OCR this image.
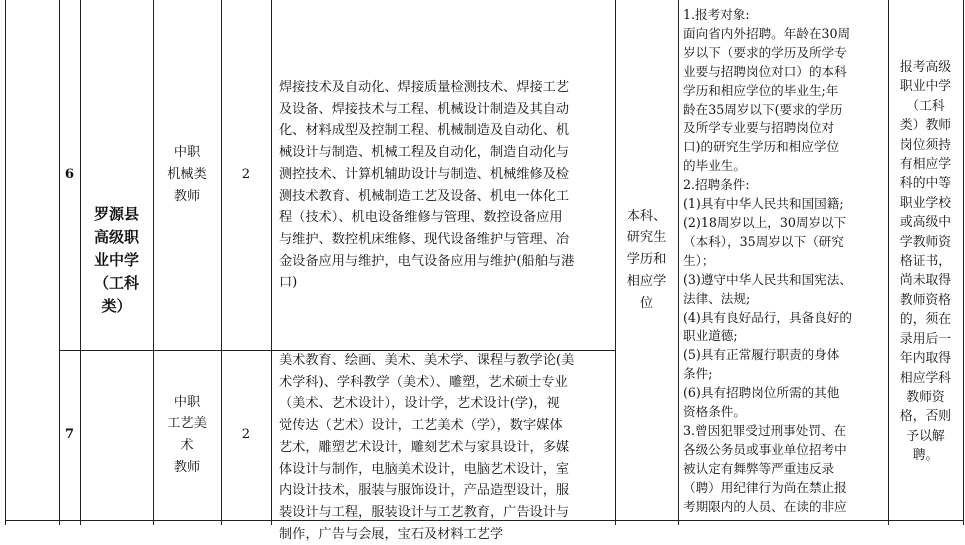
6
中职
机械类
教师
2
焊接技术及自动化、焊接质量检测技术、焊接工艺
及设备、焊接技术与工程、机械设计制造及其自动
化、材料成型及控制工程、机械制造及自动化、机
械设计与制造、机械工程及自动化，制造自动化与
测控技术、计算机辅助设计与制造、机械维修及检
测技术教育、机械制造工艺及设备、机电一体化工
程（技术）、机电设备维修与管理、数控设备应用
与维护、数控机床维修、现代设备维护与管理、冶
金设备应用与维护，电气设备应用与维护(船舶与港
口)
7
中职
工艺美
术
教师
2
美术教育、绘画、美术、美术学、课程与教学论(美
术学科)、学科教学（美术）、雕塑，艺术硕士专业
（美术、艺术设计），设计学，艺术设计(学)，视
觉传达（艺术）设计，工艺美术（学），数字媒体
艺术，雕塑艺术设计，雕刻艺术与家具设计，多媒
体设计与制作，电脑美术设计，电脑艺术设计，室
内设计技术，服装与服饰设计，产品造型设计，服
装设计与工程，服装设计与工艺教育，广告设计与
制作，广告与会展，宝石及材料工艺学
罗源县
高级职
业中学
（工科
类）
本科、
研究生
学历和
相应学
位
1.报考对象:
面向省内外招聘。年龄在30周
岁以下（要求的学历及所学专
业要与招聘岗位对口）的本科
学历和相应学位的毕业生;年
龄在35周岁以下(要求的学历
及所学专业要与招聘岗位对
口)的研究生学历和相应学位
的毕业生。
2.招聘条件:
(1)具有中华人民共和国国籍;
(2)18周岁以上，30周岁以下
（本科），35周岁以下（研究
生）；
(3)遵守中华人民共和国宪法、
法律、法规;
(4)具有良好品行，具备良好的
职业道德;
(5)具有正常履行职责的身体
条件;
(6)具有招聘岗位所需的其他
资格条件。
3.曾因犯罪受过刑事处罚、在
各级公务员或事业单位招考中
被认定有舞弊等严重违反录
（聘）用纪律行为尚在禁止报
考期限内的人员、在读的非应
报考高级
职业中学
（工科
类）教师
岗位须持
有相应学
科的中等
职业学校
或高级中
学教师资
格证书，
尚未取得
教师资格
的，须在
录用后一
年内取得
相应学科
教师资
格，否则
予以解
聘。
